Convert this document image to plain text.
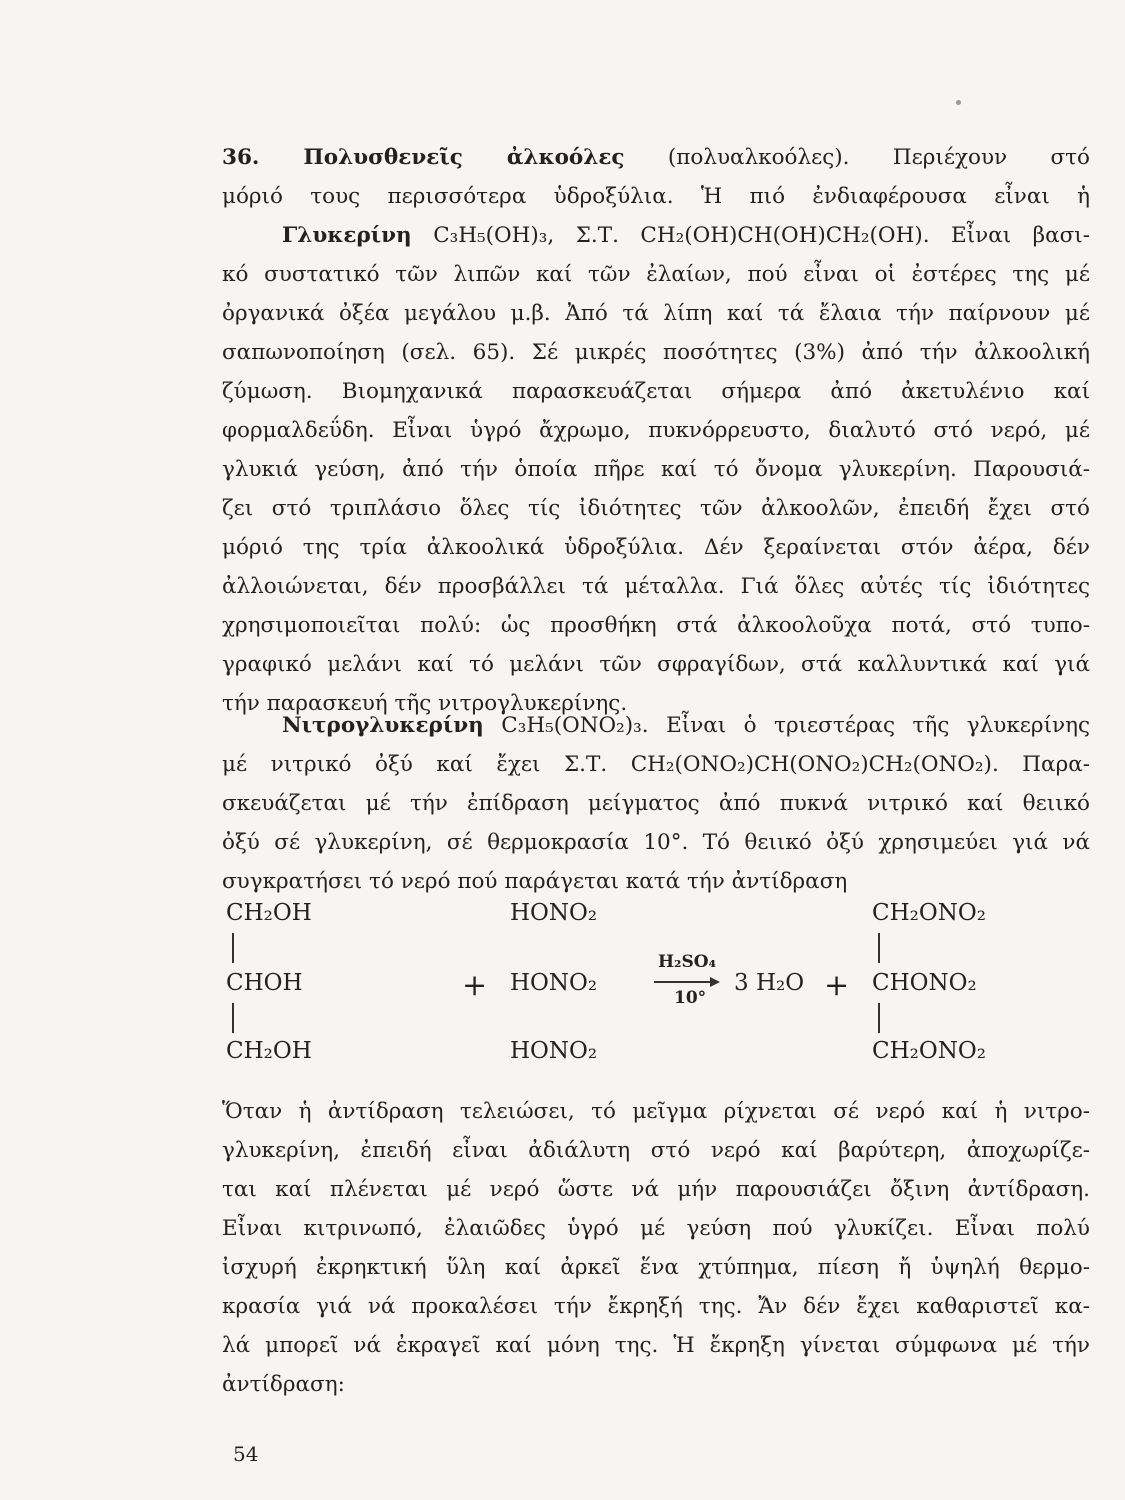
36. Πολυσθενεῖς ἀλκοόλες (πολυαλκοόλες). Περιέχουν στό
μόριό τους περισσότερα ὑδροξύλια. Ἡ πιό ἐνδιαφέρουσα εἶναι ἡ
Γλυκερίνη C₃H₅(OH)₃, Σ.Τ. CH₂(OH)CH(OH)CH₂(OH). Εἶναι βασι-
κό συστατικό τῶν λιπῶν καί τῶν ἐλαίων, πού εἶναι οἱ ἐστέρες της μέ
ὀργανικά ὀξέα μεγάλου μ.β. Ἀπό τά λίπη καί τά ἔλαια τήν παίρνουν μέ
σαπωνοποίηση (σελ. 65). Σέ μικρές ποσότητες (3%) ἀπό τήν ἀλκοολική
ζύμωση. Βιομηχανικά παρασκευάζεται σήμερα ἀπό ἀκετυλένιο καί
φορμαλδεΰδη. Εἶναι ὑγρό ἄχρωμο, πυκνόρρευστο, διαλυτό στό νερό, μέ
γλυκιά γεύση, ἀπό τήν ὁποία πῆρε καί τό ὄνομα γλυκερίνη. Παρουσιά-
ζει στό τριπλάσιο ὅλες τίς ἰδιότητες τῶν ἀλκοολῶν, ἐπειδή ἔχει στό
μόριό της τρία ἀλκοολικά ὑδροξύλια. Δέν ξεραίνεται στόν ἀέρα, δέν
ἀλλοιώνεται, δέν προσβάλλει τά μέταλλα. Γιά ὅλες αὐτές τίς ἰδιότητες
χρησιμοποιεῖται πολύ: ὡς προσθήκη στά ἀλκοολοῦχα ποτά, στό τυπο-
γραφικό μελάνι καί τό μελάνι τῶν σφραγίδων, στά καλλυντικά καί γιά
τήν παρασκευή τῆς νιτρογλυκερίνης.
Νιτρογλυκερίνη C₃H₅(ONO₂)₃. Εἶναι ὁ τριεστέρας τῆς γλυκερίνης
μέ νιτρικό ὀξύ καί ἔχει Σ.Τ. CH₂(ONO₂)CH(ONO₂)CH₂(ONO₂). Παρα-
σκευάζεται μέ τήν ἐπίδραση μείγματος ἀπό πυκνά νιτρικό καί θειικό
ὀξύ σέ γλυκερίνη, σέ θερμοκρασία 10°. Τό θειικό ὀξύ χρησιμεύει γιά νά
συγκρατήσει τό νερό πού παράγεται κατά τήν ἀντίδραση
CH₂OH
CHOH
CH₂OH
+
HONO₂
HONO₂
HONO₂
H₂SO₄
10°
3 H₂O +
CH₂ONO₂
CHONO₂
CH₂ONO₂
Ὅταν ἡ ἀντίδραση τελειώσει, τό μεῖγμα ρίχνεται σέ νερό καί ἡ νιτρο-
γλυκερίνη, ἐπειδή εἶναι ἀδιάλυτη στό νερό καί βαρύτερη, ἀποχωρίζε-
ται καί πλένεται μέ νερό ὥστε νά μήν παρουσιάζει ὄξινη ἀντίδραση.
Εἶναι κιτρινωπό, ἐλαιῶδες ὑγρό μέ γεύση πού γλυκίζει. Εἶναι πολύ
ἰσχυρή ἐκρηκτική ὕλη καί ἀρκεῖ ἕνα χτύπημα, πίεση ἤ ὑψηλή θερμο-
κρασία γιά νά προκαλέσει τήν ἔκρηξή της. Ἄν δέν ἔχει καθαριστεῖ κα-
λά μπορεῖ νά ἐκραγεῖ καί μόνη της. Ἡ ἔκρηξη γίνεται σύμφωνα μέ τήν
ἀντίδραση:
54
